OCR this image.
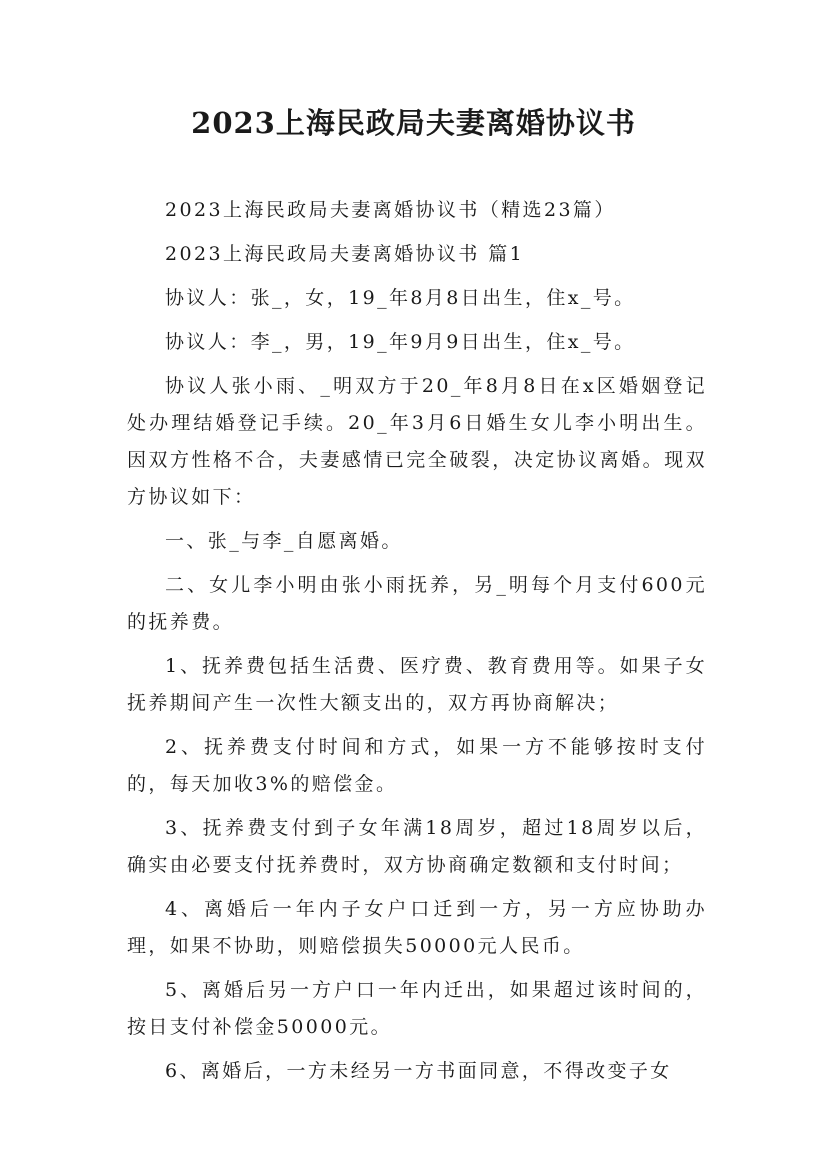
2023上海民政局夫妻离婚协议书

2023上海民政局夫妻离婚协议书（精选23篇）

2023上海民政局夫妻离婚协议书 篇1

协议人：张_，女，19_年8月8日出生，住x_号。

协议人：李_，男，19_年9月9日出生，住x_号。

协议人张小雨、_明双方于20_年8月8日在x区婚姻登记处办理结婚登记手续。20_年3月6日婚生女儿李小明出生。因双方性格不合，夫妻感情已完全破裂，决定协议离婚。现双方协议如下：

一、张_与李_自愿离婚。

二、女儿李小明由张小雨抚养，另_明每个月支付600元的抚养费。

1、抚养费包括生活费、医疗费、教育费用等。如果子女抚养期间产生一次性大额支出的，双方再协商解决；

2、抚养费支付时间和方式，如果一方不能够按时支付的，每天加收3%的赔偿金。

3、抚养费支付到子女年满18周岁，超过18周岁以后，确实由必要支付抚养费时，双方协商确定数额和支付时间；

4、离婚后一年内子女户口迁到一方，另一方应协助办理，如果不协助，则赔偿损失50000元人民币。

5、离婚后另一方户口一年内迁出，如果超过该时间的，按日支付补偿金50000元。

6、离婚后，一方未经另一方书面同意，不得改变子女
